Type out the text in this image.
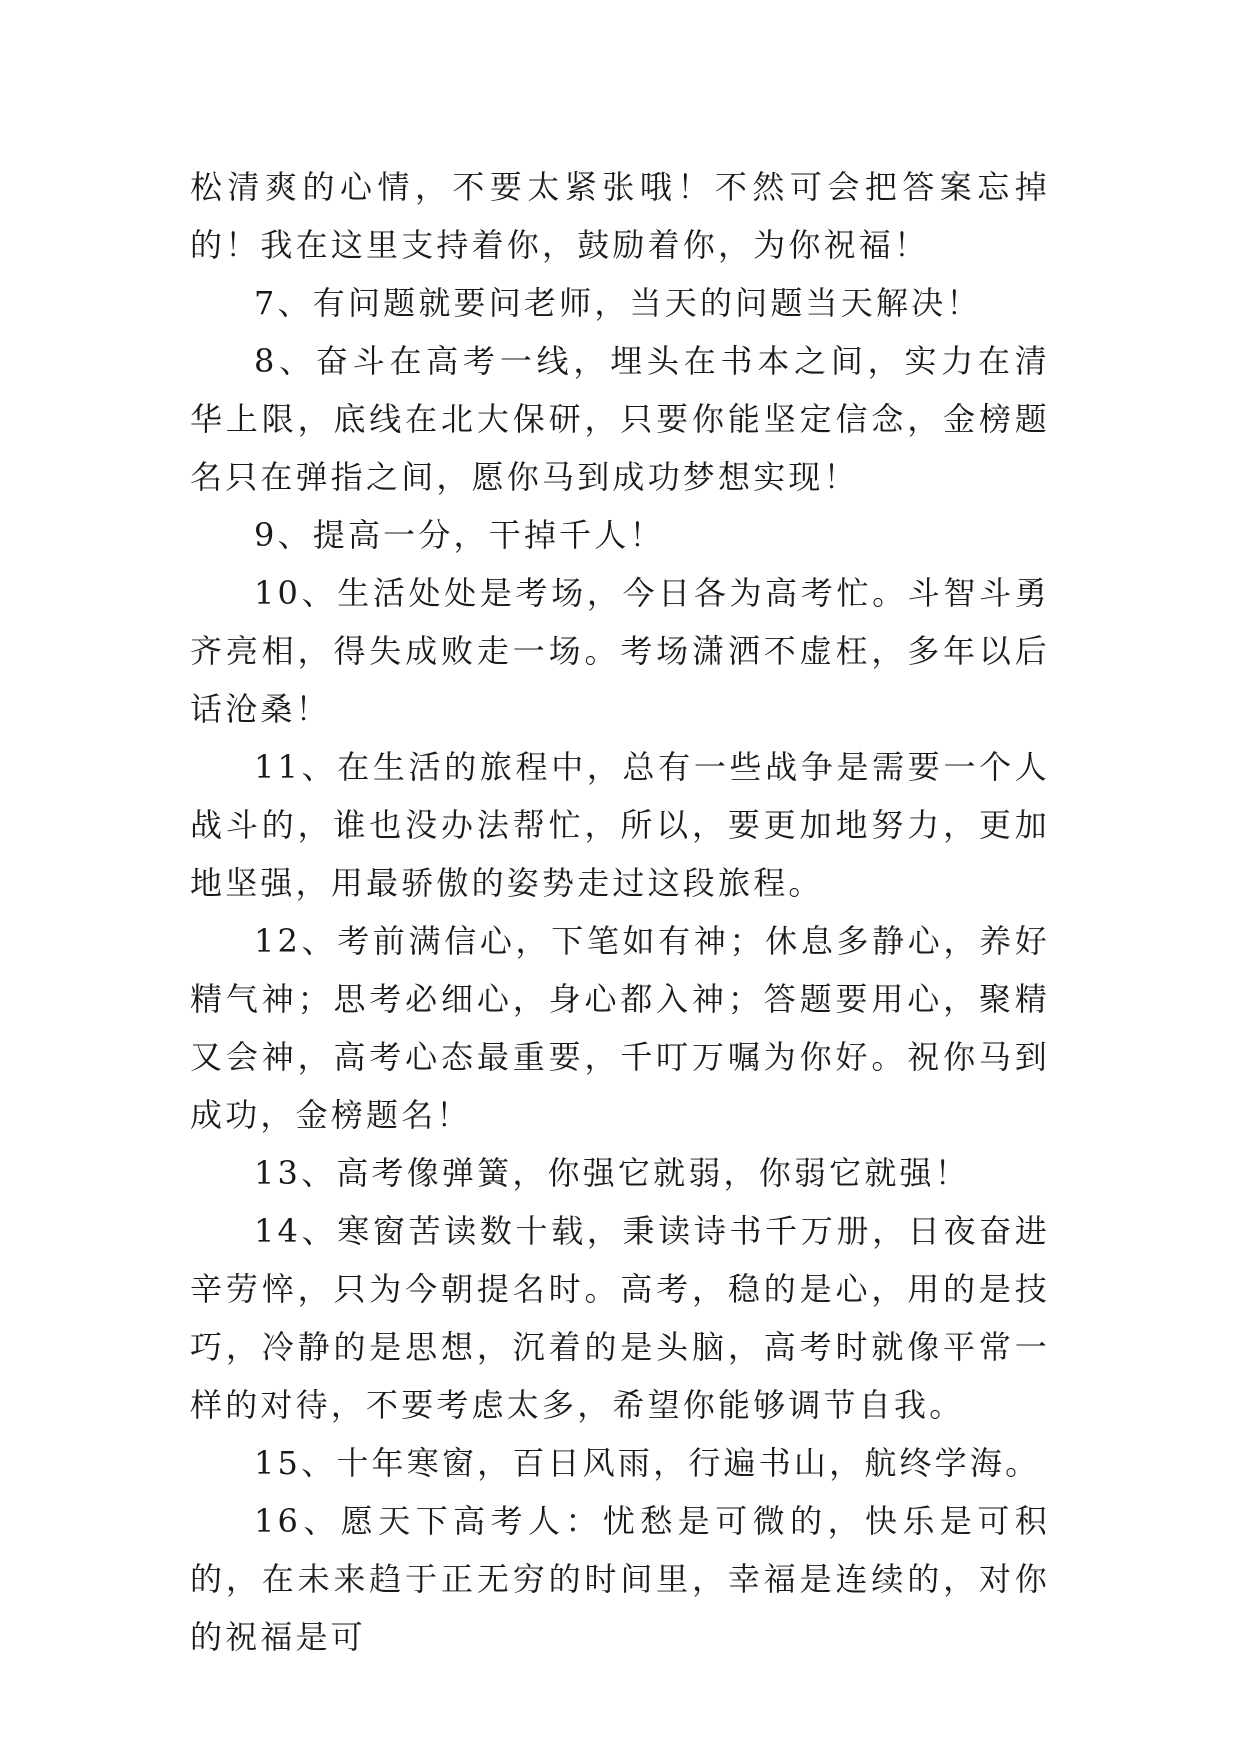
松清爽的心情，不要太紧张哦！不然可会把答案忘掉的！我在这里支持着你，鼓励着你，为你祝福！

7、有问题就要问老师，当天的问题当天解决！

8、奋斗在高考一线，埋头在书本之间，实力在清华上限，底线在北大保研，只要你能坚定信念，金榜题名只在弹指之间，愿你马到成功梦想实现！

9、提高一分，干掉千人！

10、生活处处是考场，今日各为高考忙。斗智斗勇齐亮相，得失成败走一场。考场潇洒不虚枉，多年以后话沧桑！

11、在生活的旅程中，总有一些战争是需要一个人战斗的，谁也没办法帮忙，所以，要更加地努力，更加地坚强，用最骄傲的姿势走过这段旅程。

12、考前满信心，下笔如有神；休息多静心，养好精气神；思考必细心，身心都入神；答题要用心，聚精又会神，高考心态最重要，千叮万嘱为你好。祝你马到成功，金榜题名！

13、高考像弹簧，你强它就弱，你弱它就强！

14、寒窗苦读数十载，秉读诗书千万册，日夜奋进辛劳悴，只为今朝提名时。高考，稳的是心，用的是技巧，冷静的是思想，沉着的是头脑，高考时就像平常一样的对待，不要考虑太多，希望你能够调节自我。

15、十年寒窗，百日风雨，行遍书山，航终学海。

16、愿天下高考人：忧愁是可微的，快乐是可积的，在未来趋于正无穷的时间里，幸福是连续的，对你的祝福是可
